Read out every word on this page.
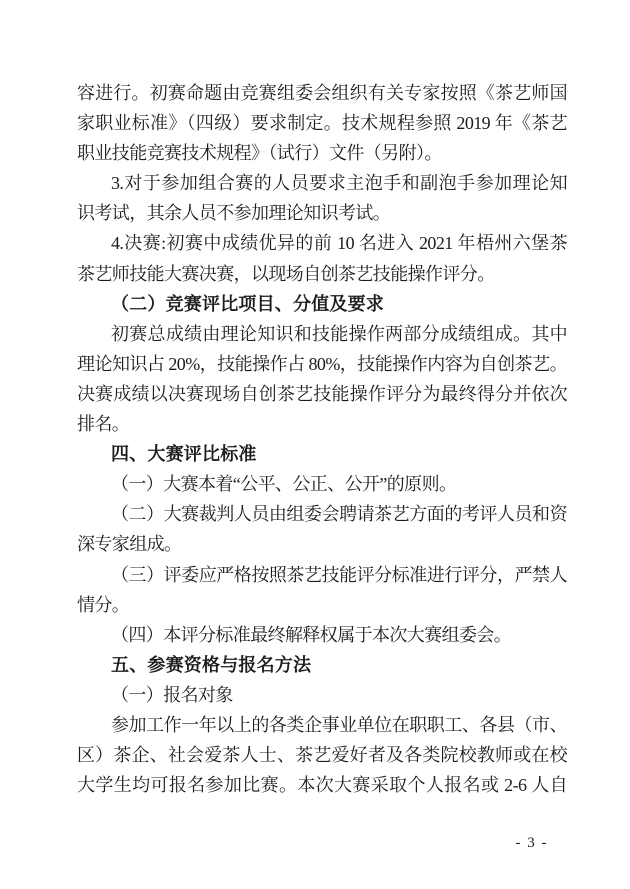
容进行。初赛命题由竞赛组委会组织有关专家按照《茶艺师国
家职业标准》（四级）要求制定。技术规程参照 2019 年《茶艺
职业技能竞赛技术规程》（试行）文件（另附）。
3.对于参加组合赛的人员要求主泡手和副泡手参加理论知
识考试，其余人员不参加理论知识考试。
4.决赛:初赛中成绩优异的前 10 名进入 2021 年梧州六堡茶
茶艺师技能大赛决赛，以现场自创茶艺技能操作评分。
（二）竞赛评比项目、分值及要求
初赛总成绩由理论知识和技能操作两部分成绩组成。其中
理论知识占 20%，技能操作占 80%，技能操作内容为自创茶艺。
决赛成绩以决赛现场自创茶艺技能操作评分为最终得分并依次
排名。
四、大赛评比标准
（一）大赛本着“公平、公正、公开”的原则。
（二）大赛裁判人员由组委会聘请茶艺方面的考评人员和资
深专家组成。
（三）评委应严格按照茶艺技能评分标准进行评分，严禁人
情分。
（四）本评分标准最终解释权属于本次大赛组委会。
五、参赛资格与报名方法
（一）报名对象
参加工作一年以上的各类企事业单位在职职工、各县（市、
区）茶企、社会爱茶人士、茶艺爱好者及各类院校教师或在校
大学生均可报名参加比赛。本次大赛采取个人报名或 2-6 人自
- 3 -
